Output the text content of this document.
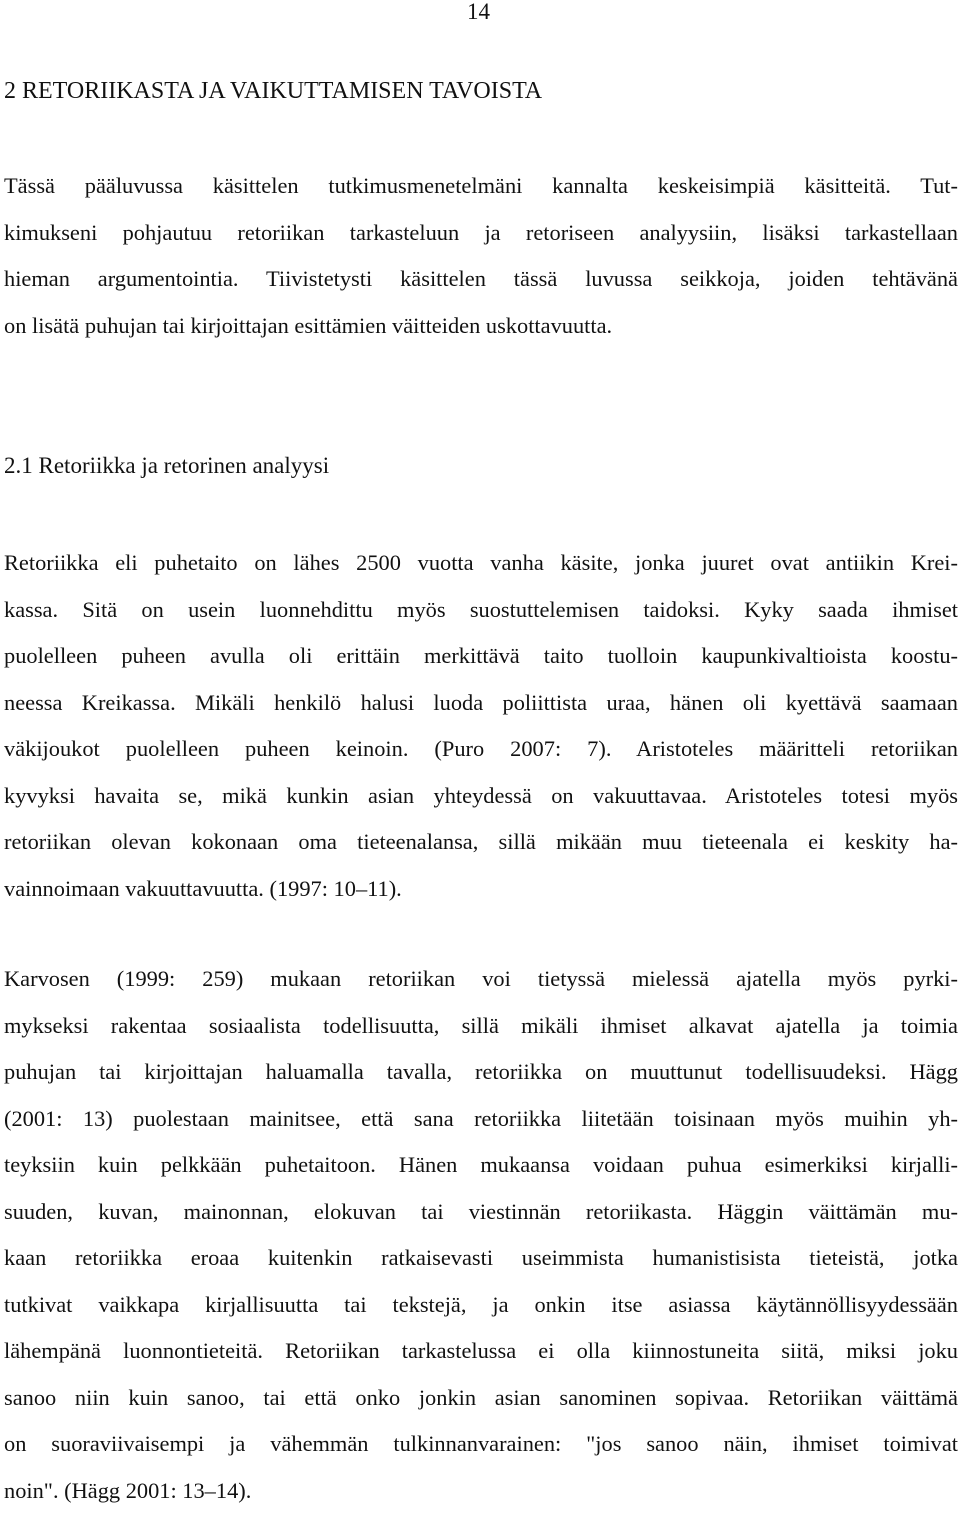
14
2 RETORIIKASTA JA VAIKUTTAMISEN TAVOISTA
Tässä pääluvussa käsittelen tutkimusmenetelmäni kannalta keskeisimpiä käsitteitä. Tut-
kimukseni pohjautuu retoriikan tarkasteluun ja retoriseen analyysiin, lisäksi tarkastellaan
hieman argumentointia. Tiivistetysti käsittelen tässä luvussa seikkoja, joiden tehtävänä
on lisätä puhujan tai kirjoittajan esittämien väitteiden uskottavuutta.
2.1 Retoriikka ja retorinen analyysi
Retoriikka eli puhetaito on lähes 2500 vuotta vanha käsite, jonka juuret ovat antiikin Krei-
kassa. Sitä on usein luonnehdittu myös suostuttelemisen taidoksi. Kyky saada ihmiset
puolelleen puheen avulla oli erittäin merkittävä taito tuolloin kaupunkivaltioista koostu-
neessa Kreikassa. Mikäli henkilö halusi luoda poliittista uraa, hänen oli kyettävä saamaan
väkijoukot puolelleen puheen keinoin. (Puro 2007: 7). Aristoteles määritteli retoriikan
kyvyksi havaita se, mikä kunkin asian yhteydessä on vakuuttavaa. Aristoteles totesi myös
retoriikan olevan kokonaan oma tieteenalansa, sillä mikään muu tieteenala ei keskity ha-
vainnoimaan vakuuttavuutta. (1997: 10–11).
Karvosen (1999: 259) mukaan retoriikan voi tietyssä mielessä ajatella myös pyrki-
mykseksi rakentaa sosiaalista todellisuutta, sillä mikäli ihmiset alkavat ajatella ja toimia
puhujan tai kirjoittajan haluamalla tavalla, retoriikka on muuttunut todellisuudeksi. Hägg
(2001: 13) puolestaan mainitsee, että sana retoriikka liitetään toisinaan myös muihin yh-
teyksiin kuin pelkkään puhetaitoon. Hänen mukaansa voidaan puhua esimerkiksi kirjalli-
suuden, kuvan, mainonnan, elokuvan tai viestinnän retoriikasta. Häggin väittämän mu-
kaan retoriikka eroaa kuitenkin ratkaisevasti useimmista humanistisista tieteistä, jotka
tutkivat vaikkapa kirjallisuutta tai tekstejä, ja onkin itse asiassa käytännöllisyydessään
lähempänä luonnontieteitä. Retoriikan tarkastelussa ei olla kiinnostuneita siitä, miksi joku
sanoo niin kuin sanoo, tai että onko jonkin asian sanominen sopivaa. Retoriikan väittämä
on suoraviivaisempi ja vähemmän tulkinnanvarainen: "jos sanoo näin, ihmiset toimivat
noin". (Hägg 2001: 13–14).
